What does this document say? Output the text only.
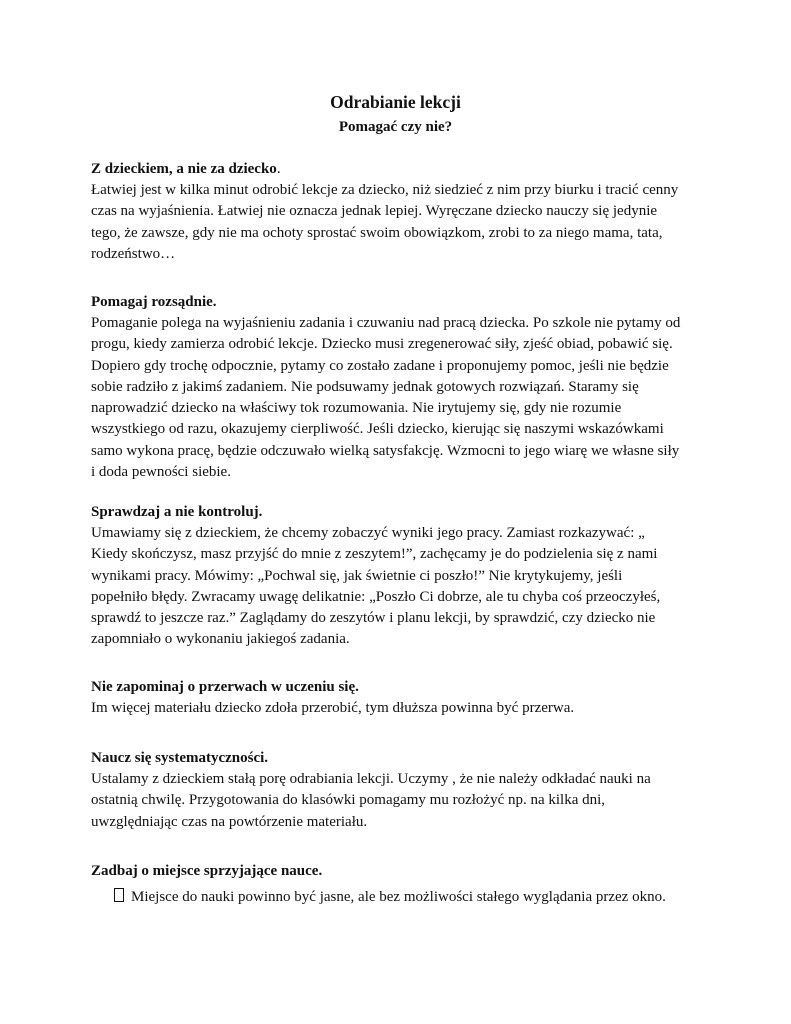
Odrabianie lekcji
Pomagać czy nie?

Z dzieckiem, a nie za dziecko.

Łatwiej jest w kilka minut odrobić lekcje za dziecko, niż siedzieć z nim przy biurku i tracić cenny

czas na wyjaśnienia. Łatwiej nie oznacza jednak lepiej. Wyręczane dziecko nauczy się jedynie

tego, że zawsze, gdy nie ma ochoty sprostać swoim obowiązkom, zrobi to za niego mama, tata,

rodzeństwo…

Pomagaj rozsądnie.

Pomaganie polega na wyjaśnieniu zadania i czuwaniu nad pracą dziecka. Po szkole nie pytamy od

progu, kiedy zamierza odrobić lekcje. Dziecko musi zregenerować siły, zjeść obiad, pobawić się.

Dopiero gdy trochę odpocznie, pytamy co zostało zadane i proponujemy pomoc, jeśli nie będzie

sobie radziło z jakimś zadaniem. Nie podsuwamy jednak gotowych rozwiązań. Staramy się

naprowadzić dziecko na właściwy tok rozumowania. Nie irytujemy się, gdy nie rozumie

wszystkiego od razu, okazujemy cierpliwość. Jeśli dziecko, kierując się naszymi wskazówkami

samo wykona pracę, będzie odczuwało wielką satysfakcję. Wzmocni to jego wiarę we własne siły

i doda pewności siebie.

Sprawdzaj a nie kontroluj.

Umawiamy się z dzieckiem, że chcemy zobaczyć wyniki jego pracy. Zamiast rozkazywać: „

Kiedy skończysz, masz przyjść do mnie z zeszytem!”, zachęcamy je do podzielenia się z nami

wynikami pracy. Mówimy: „Pochwal się, jak świetnie ci poszło!” Nie krytykujemy, jeśli

popełniło błędy. Zwracamy uwagę delikatnie: „Poszło Ci dobrze, ale tu chyba coś przeoczyłeś,

sprawdź to jeszcze raz.” Zaglądamy do zeszytów i planu lekcji, by sprawdzić, czy dziecko nie

zapomniało o wykonaniu jakiegoś zadania.

Nie zapominaj o przerwach w uczeniu się.

Im więcej materiału dziecko zdoła przerobić, tym dłuższa powinna być przerwa.

Naucz się systematyczności.

Ustalamy z dzieckiem stałą porę odrabiania lekcji. Uczymy , że nie należy odkładać nauki na

ostatnią chwilę. Przygotowania do klasówki pomagamy mu rozłożyć np. na kilka dni,

uwzględniając czas na powtórzenie materiału.

Zadbaj o miejsce sprzyjające nauce.

Miejsce do nauki powinno być jasne, ale bez możliwości stałego wyglądania przez okno.
